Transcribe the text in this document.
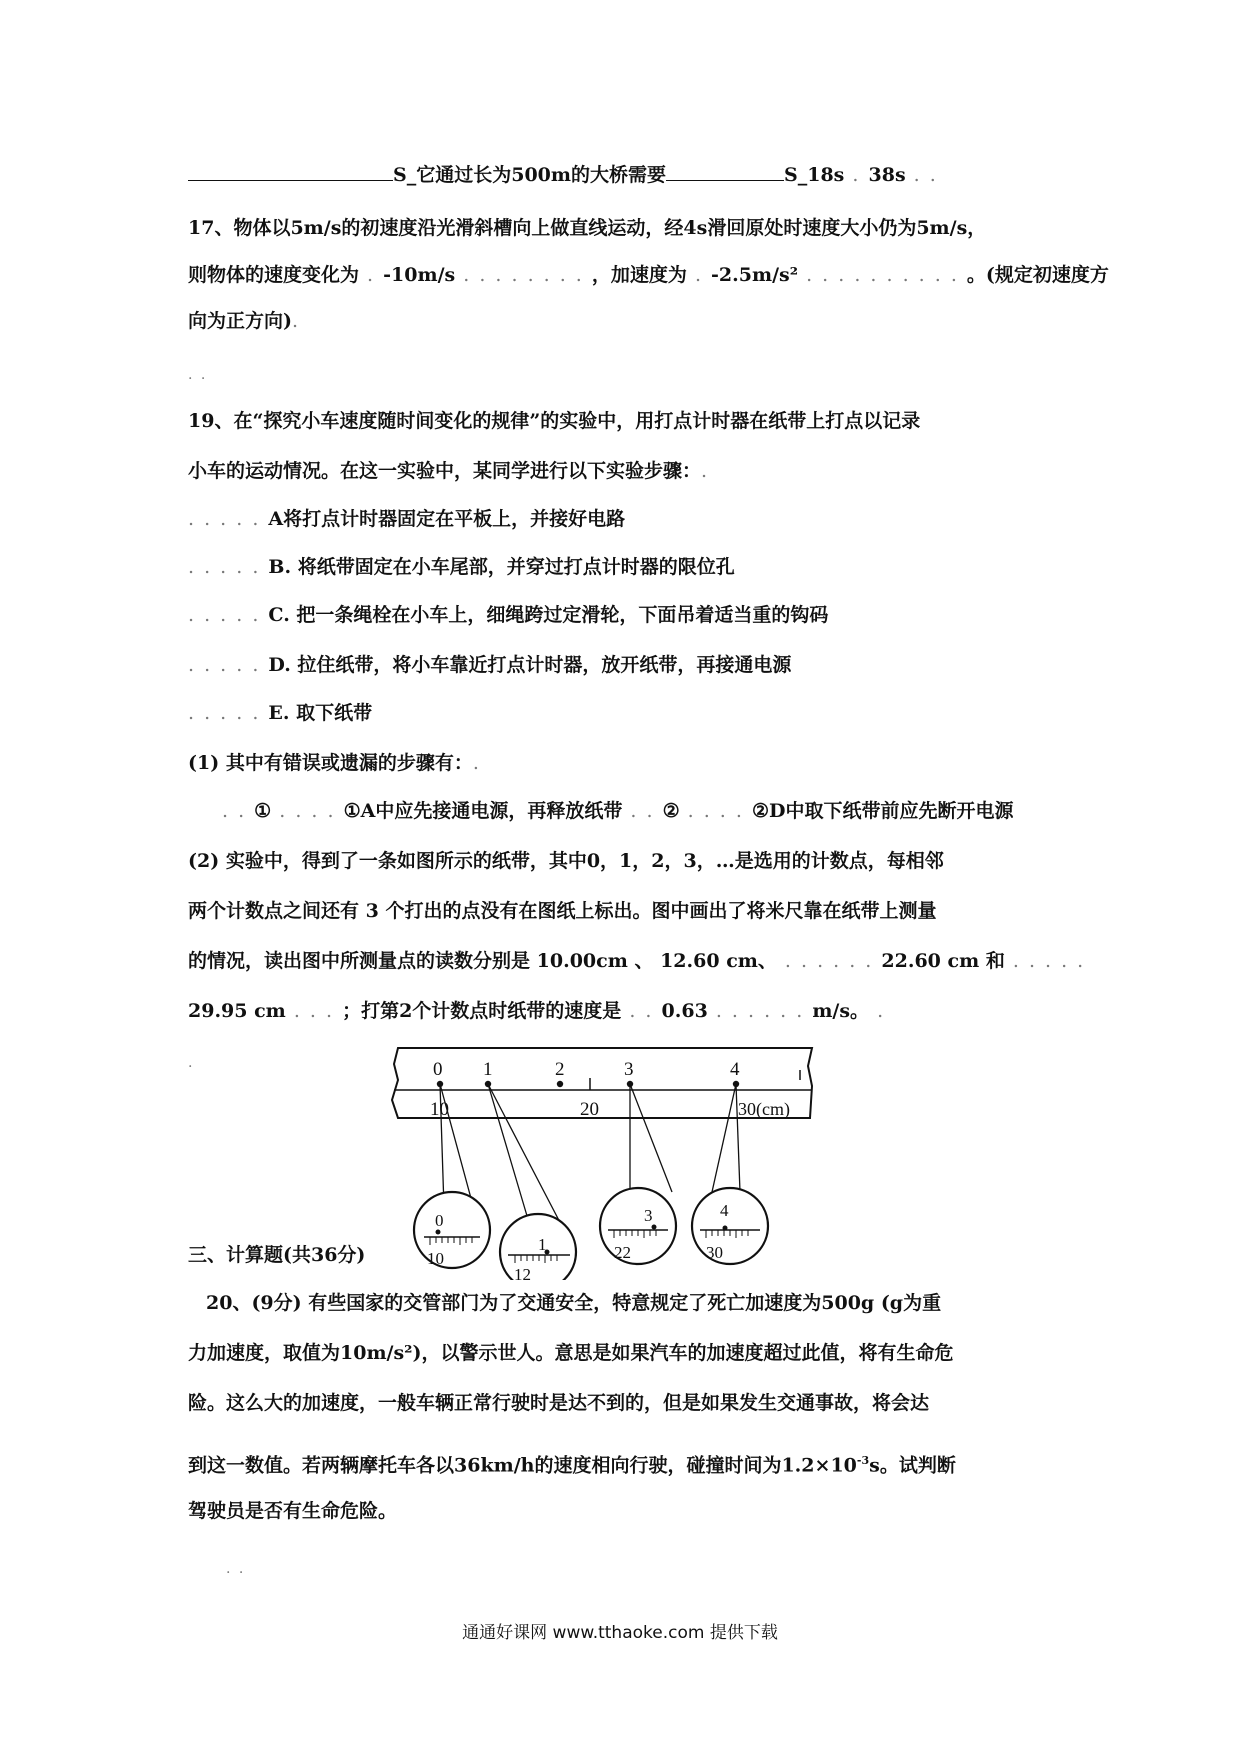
S_它通过长为500m的大桥需要	S_18s . 38s . .
17、物体以5m/s的初速度沿光滑斜槽向上做直线运动，经4s滑回原处时速度大小仍为5m/s，
则物体的速度变化为 . -10m/s . . . . . . . . ，加速度为 . -2.5m/s² . . . . . . . . . . 。(规定初速度方
向为正方向).
. .
19、在“探究小车速度随时间变化的规律”的实验中，用打点计时器在纸带上打点以记录
小车的运动情况。在这一实验中，某同学进行以下实验步骤：.
. . . . . A将打点计时器固定在平板上，并接好电路
. . . . . B. 将纸带固定在小车尾部，并穿过打点计时器的限位孔
. . . . . C. 把一条绳栓在小车上，细绳跨过定滑轮，下面吊着适当重的钩码
. . . . . D. 拉住纸带，将小车靠近打点计时器，放开纸带，再接通电源
. . . . . E. 取下纸带
(1) 其中有错误或遗漏的步骤有：.
. . ① . . . . ①A中应先接通电源，再释放纸带 . . ② . . . . ②D中取下纸带前应先断开电源
(2) 实验中，得到了一条如图所示的纸带，其中0，1，2，3，…是选用的计数点，每相邻
两个计数点之间还有 3 个打出的点没有在图纸上标出。图中画出了将米尺靠在纸带上测量
的情况，读出图中所测量点的读数分别是 10.00cm 、 12.60 cm、 . . . . . . 22.60 cm 和 . . . . .
29.95 cm . . . ；打第2个计数点时纸带的速度是 . . 0.63 . . . . . . m/s。 .
.	0 1	2	3	4
10	20	30(cm)
0
10
1
12
3
22
4
30
三、计算题(共36分)
20、(9分) 有些国家的交管部门为了交通安全，特意规定了死亡加速度为500g (g为重
力加速度，取值为10m/s²)，以警示世人。意思是如果汽车的加速度超过此值，将有生命危
险。这么大的加速度，一般车辆正常行驶时是达不到的，但是如果发生交通事故，将会达
到这一数值。若两辆摩托车各以36km/h的速度相向行驶，碰撞时间为$1.2\times 10^{-3}s$。试判断
驾驶员是否有生命危险。
. .
通通好课网 www.tthaoke.com 提供下载
